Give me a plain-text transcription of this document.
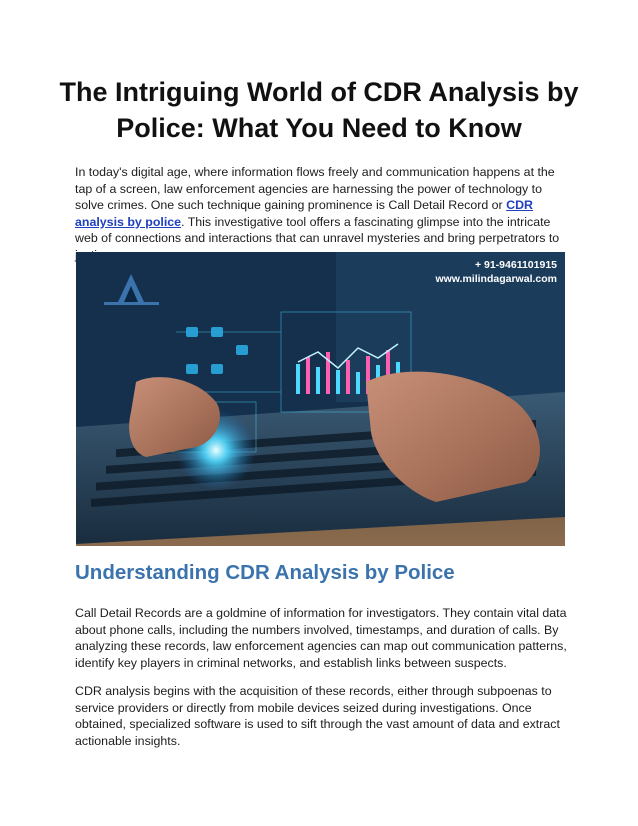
The Intriguing World of CDR Analysis by Police: What You Need to Know

In today's digital age, where information flows freely and communication happens at the tap of a screen, law enforcement agencies are harnessing the power of technology to solve crimes. One such technique gaining prominence is Call Detail Record or CDR analysis by police. This investigative tool offers a fascinating glimpse into the intricate web of connections and interactions that can unravel mysteries and bring perpetrators to

+ 91-9461101915
www.milindagarwal.com
Understanding CDR Analysis by Police

Call Detail Records are a goldmine of information for investigators. They contain vital data about phone calls, including the numbers involved, timestamps, and duration of calls. By analyzing these records, law enforcement agencies can map out communication patterns, identify key players in criminal networks, and establish links between suspects.

CDR analysis begins with the acquisition of these records, either through subpoenas to service providers or directly from mobile devices seized during investigations. Once obtained, specialized software is used to sift through the vast amount of data and extract actionable insights.
